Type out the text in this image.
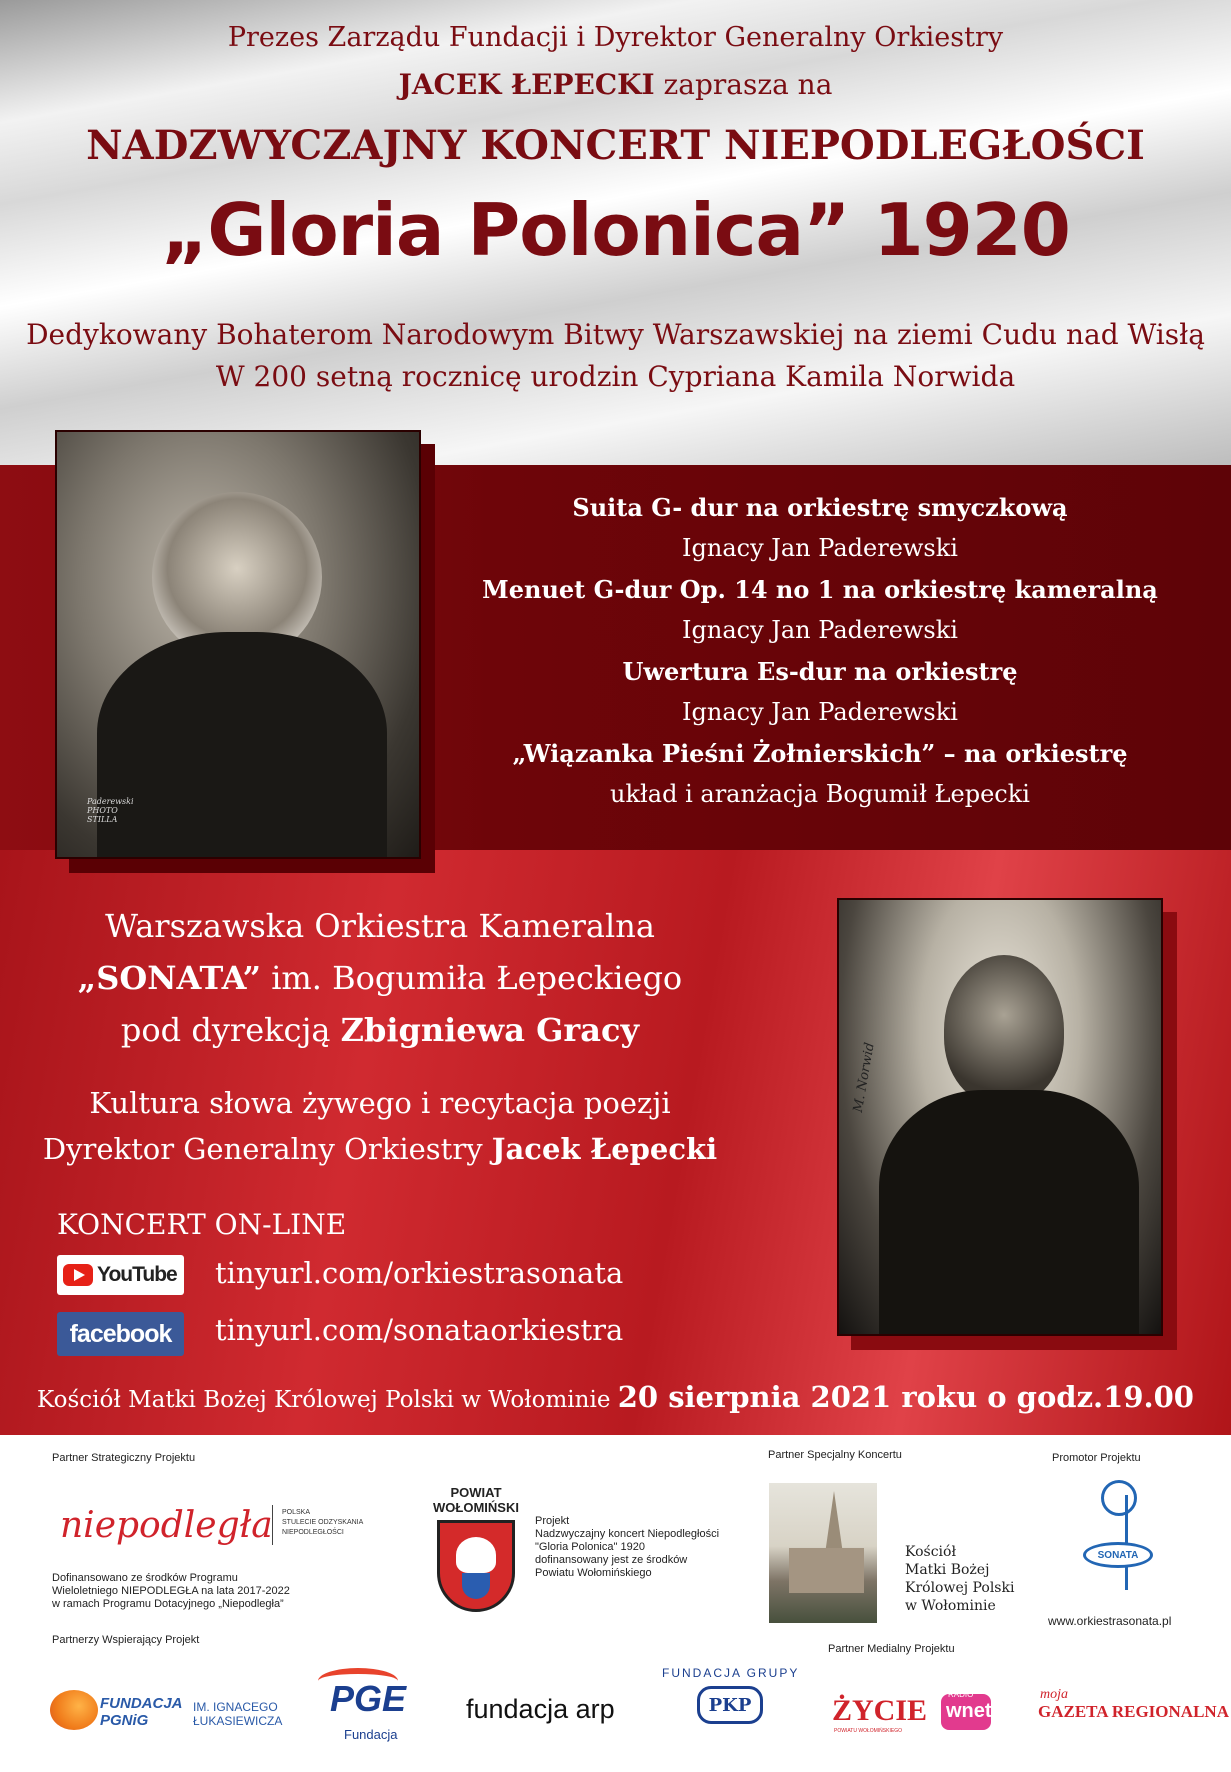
Prezes Zarządu Fundacji i Dyrektor Generalny Orkiestry
JACEK ŁEPECKI zaprasza na
NADZWYCZAJNY KONCERT NIEPODLEGŁOŚCI
„Gloria Polonica” 1920
Dedykowany Bohaterom Narodowym Bitwy Warszawskiej na ziemi Cudu nad Wisłą
W 200 setną rocznicę urodzin Cypriana Kamila Norwida
Paderewski
PHOTO
STILLA
Suita G- dur na orkiestrę smyczkową
Ignacy Jan Paderewski
Menuet G-dur Op. 14 no 1 na orkiestrę kameralną
Ignacy Jan Paderewski
Uwertura Es-dur na orkiestrę
Ignacy Jan Paderewski
„Wiązanka Pieśni Żołnierskich” – na orkiestrę
układ i aranżacja Bogumił Łepecki
Warszawska Orkiestra Kameralna
„SONATA” im. Bogumiła Łepeckiego
pod dyrekcją Zbigniewa Gracy
Kultura słowa żywego i recytacja poezji
Dyrektor Generalny Orkiestry Jacek Łepecki
KONCERT ON-LINE
YouTube tinyurl.com/orkiestrasonata
facebook tinyurl.com/sonataorkiestra
M. Norwid
Kościół Matki Bożej Królowej Polski w Wołominie 20 sierpnia 2021 roku o godz.19.00
Partner Strategiczny Projektu
niepodległa POLSKA
STULECIE ODZYSKANIA
NIEPODLEGŁOŚCI
Dofinansowano ze środków Programu
Wieloletniego NIEPODLEGŁA na lata 2017-2022
w ramach Programu Dotacyjnego „Niepodległa”
POWIAT
WOŁOMIŃSKI
Projekt
Nadzwyczajny koncert Niepodległości
"Gloria Polonica" 1920
dofinansowany jest ze środków
Powiatu Wołomińskiego
Partner Specjalny Koncertu
Kościół
Matki Bożej
Królowej Polski
w Wołominie
Promotor Projektu
SONATA
www.orkiestrasonata.pl
Partnerzy Wspierający Projekt
Partner Medialny Projektu
FUNDACJA
PGNiG
IM. IGNACEGO
ŁUKASIEWICZA
PGE
Fundacja
fundacja arp
FUNDACJA GRUPY
PKP	ŻYCIE
POWIATU WOŁOMIŃSKIEGO
RADIO
wnet
moja
GAZETA REGIONALNA
